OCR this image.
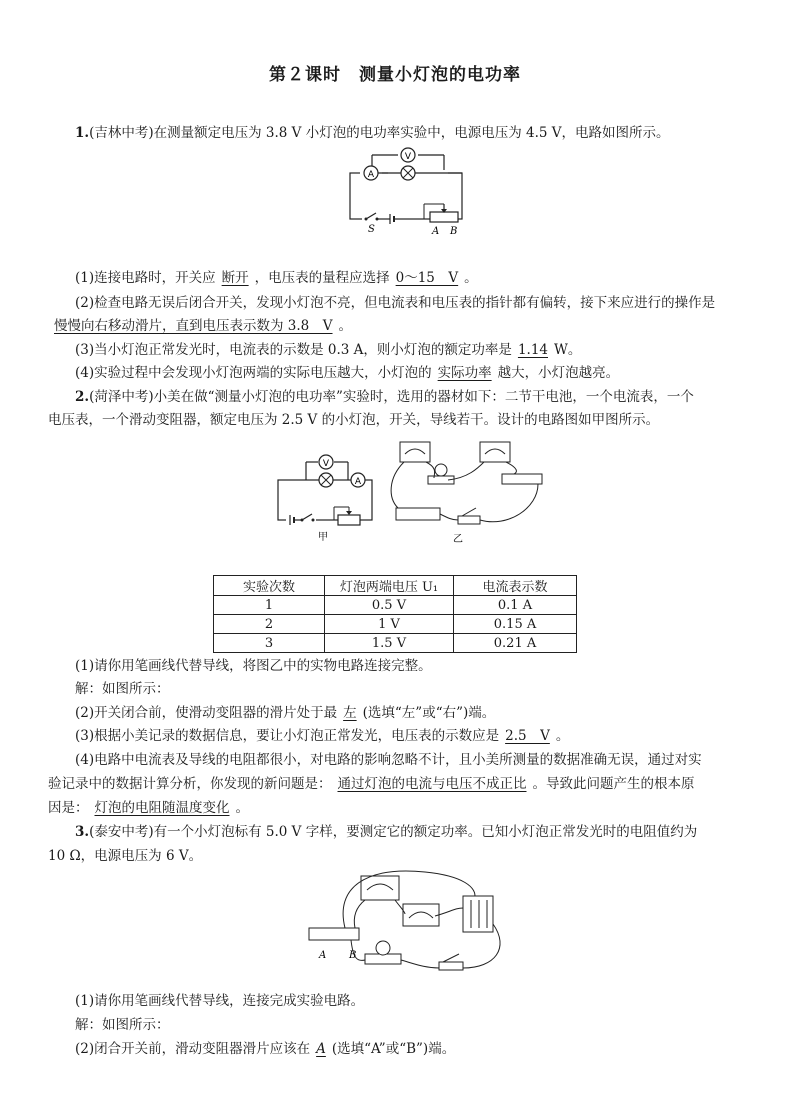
第２课时　测量小灯泡的电功率
1.(吉林中考)在测量额定电压为 3.8 V 小灯泡的电功率实验中，电源电压为 4.5 V，电路如图所示。
A
V
S	A B
(1)连接电路时，开关应 断开 ，电压表的量程应选择 0～15　V 。
(2)检查电路无误后闭合开关，发现小灯泡不亮，但电流表和电压表的指针都有偏转，接下来应进行的操作是
慢慢向右移动滑片，直到电压表示数为 3.8　V 。
(3)当小灯泡正常发光时，电流表的示数是 0.3 A，则小灯泡的额定功率是 1.14 W。
(4)实验过程中会发现小灯泡两端的实际电压越大，小灯泡的 实际功率 越大，小灯泡越亮。
2.(菏泽中考)小美在做“测量小灯泡的电功率”实验时，选用的器材如下：二节干电池，一个电流表，一个
电压表，一个滑动变阻器，额定电压为 2.5 V 的小灯泡，开关，导线若干。设计的电路图如甲图所示。
V
A
甲	乙
实验次数	灯泡两端电压 U₁	电流表示数
1	0.5 V	0.1 A
2	1 V	0.15 A
3	1.5 V	0.21 A
(1)请你用笔画线代替导线，将图乙中的实物电路连接完整。
解：如图所示：
(2)开关闭合前，使滑动变阻器的滑片处于最 左 (选填“左”或“右”)端。
(3)根据小美记录的数据信息，要让小灯泡正常发光，电压表的示数应是 2.5　V 。
(4)电路中电流表及导线的电阻都很小，对电路的影响忽略不计，且小美所测量的数据准确无误，通过对实
验记录中的数据计算分析，你发现的新问题是： 通过灯泡的电流与电压不成正比 。导致此问题产生的根本原
因是： 灯泡的电阻随温度变化 。
3.(泰安中考)有一个小灯泡标有 5.0 V 字样，要测定它的额定功率。已知小灯泡正常发光时的电阻值约为
10 Ω，电源电压为 6 V。
A B
(1)请你用笔画线代替导线，连接完成实验电路。
解：如图所示：
(2)闭合开关前，滑动变阻器滑片应该在 A (选填“A”或“B”)端。
